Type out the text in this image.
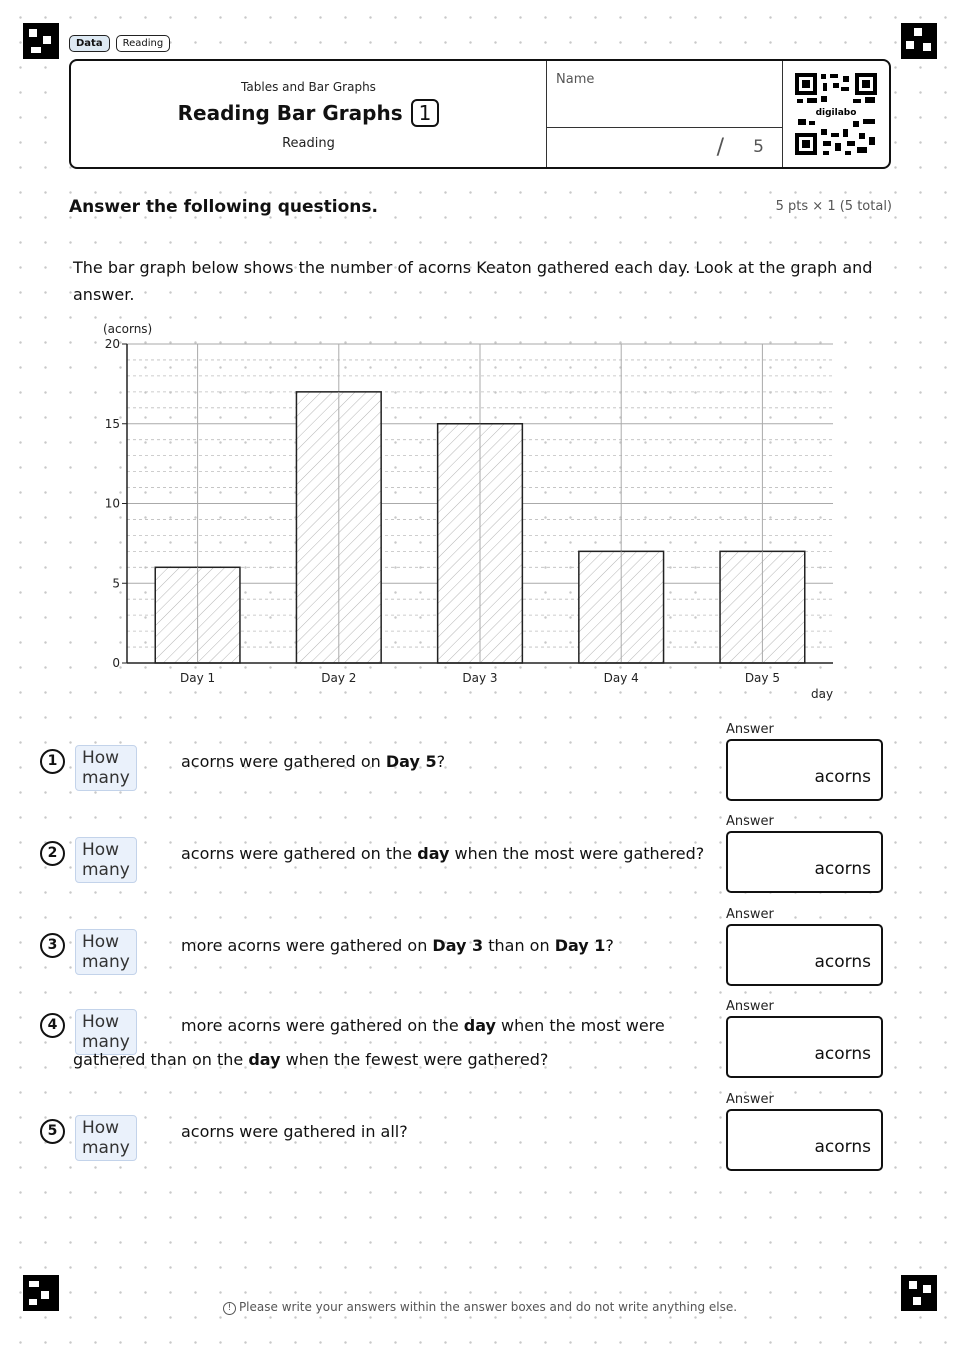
Data	Reading
Tables and Bar Graphs
Reading Bar Graphs 1
Reading
Name
/ 5
digilabo
Answer the following questions.	5 pts × 1 (5 total)
The bar graph below shows the number of acorns Keaton gathered each day. Look at the graph and answer.
0
5
10
15
20
Day 1	Day 2	Day 3	Day 4	Day 5
(acorns)
day
1	How many
acorns were gathered on Day 5?
Answer
acorns
2	How many
acorns were gathered on the day when the most were gathered?
Answer
acorns
3	How many
more acorns were gathered on Day 3 than on Day 1?
Answer
acorns
4	How many
more acorns were gathered on the day when the most were
gathered than on the day when the fewest were gathered?
Answer
acorns
5	How many
acorns were gathered in all?
Answer
acorns
! Please write your answers within the answer boxes and do not write anything else.
